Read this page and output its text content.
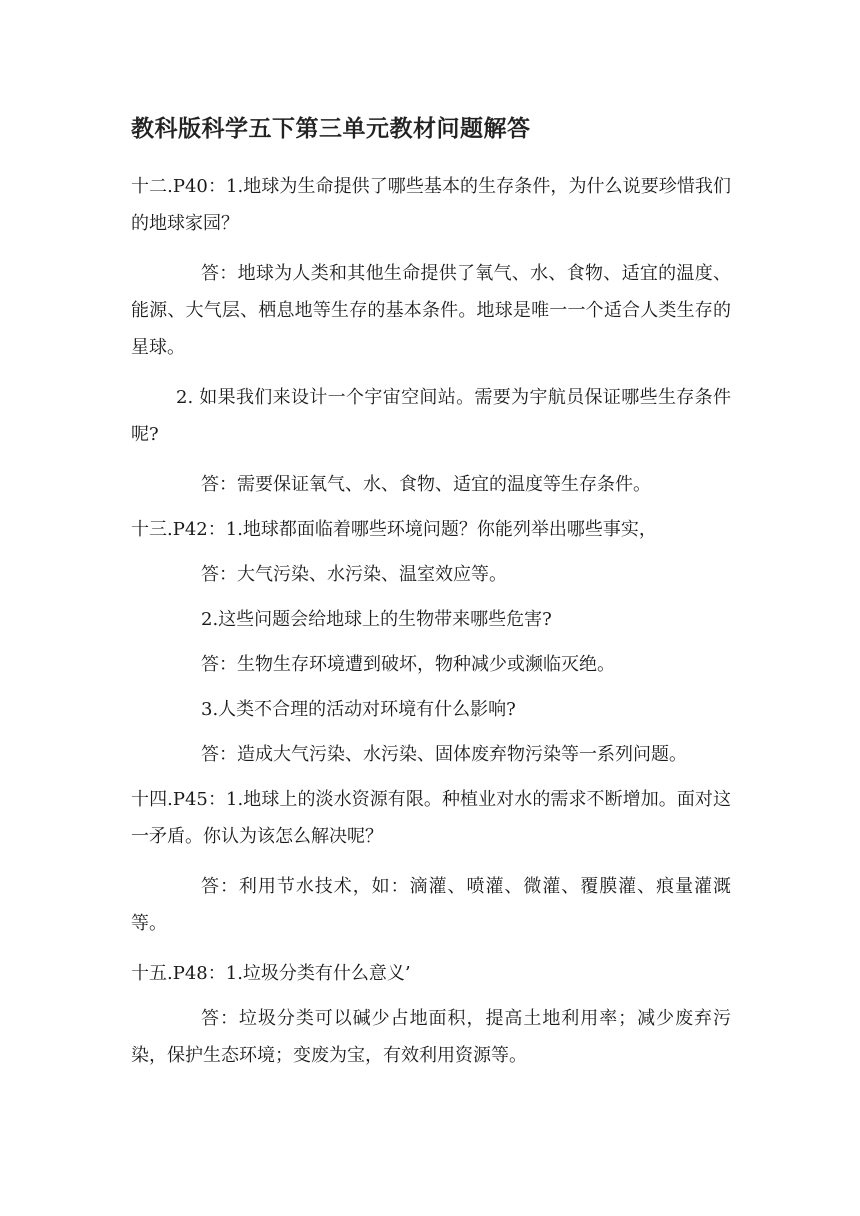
教科版科学五下第三单元教材问题解答

十二.P40：1.地球为生命提供了哪些基本的生存条件，为什么说要珍惜我们的地球家园？

答：地球为人类和其他生命提供了氧气、水、食物、适宜的温度、能源、大气层、栖息地等生存的基本条件。地球是唯一一个适合人类生存的星球。

2. 如果我们来设计一个宇宙空间站。需要为宇航员保证哪些生存条件呢?

答：需要保证氧气、水、食物、适宜的温度等生存条件。

十三.P42：1.地球都面临着哪些环境问题？你能列举出哪些事实，

答：大气污染、水污染、温室效应等。

2.这些问题会给地球上的生物带来哪些危害?

答：生物生存环境遭到破坏，物种减少或濒临灭绝。

3.人类不合理的活动对环境有什么影响?

答：造成大气污染、水污染、固体废弃物污染等一系列问题。

十四.P45：1.地球上的淡水资源有限。种植业对水的需求不断增加。面对这一矛盾。你认为该怎么解决呢？

答：利用节水技术，如：滴灌、喷灌、微灌、覆膜灌、痕量灌溉等。

十五.P48：1.垃圾分类有什么意义’

答：垃圾分类可以碱少占地面积，提高土地利用率；减少废弃污染，保护生态环境；变废为宝，有效利用资源等。
